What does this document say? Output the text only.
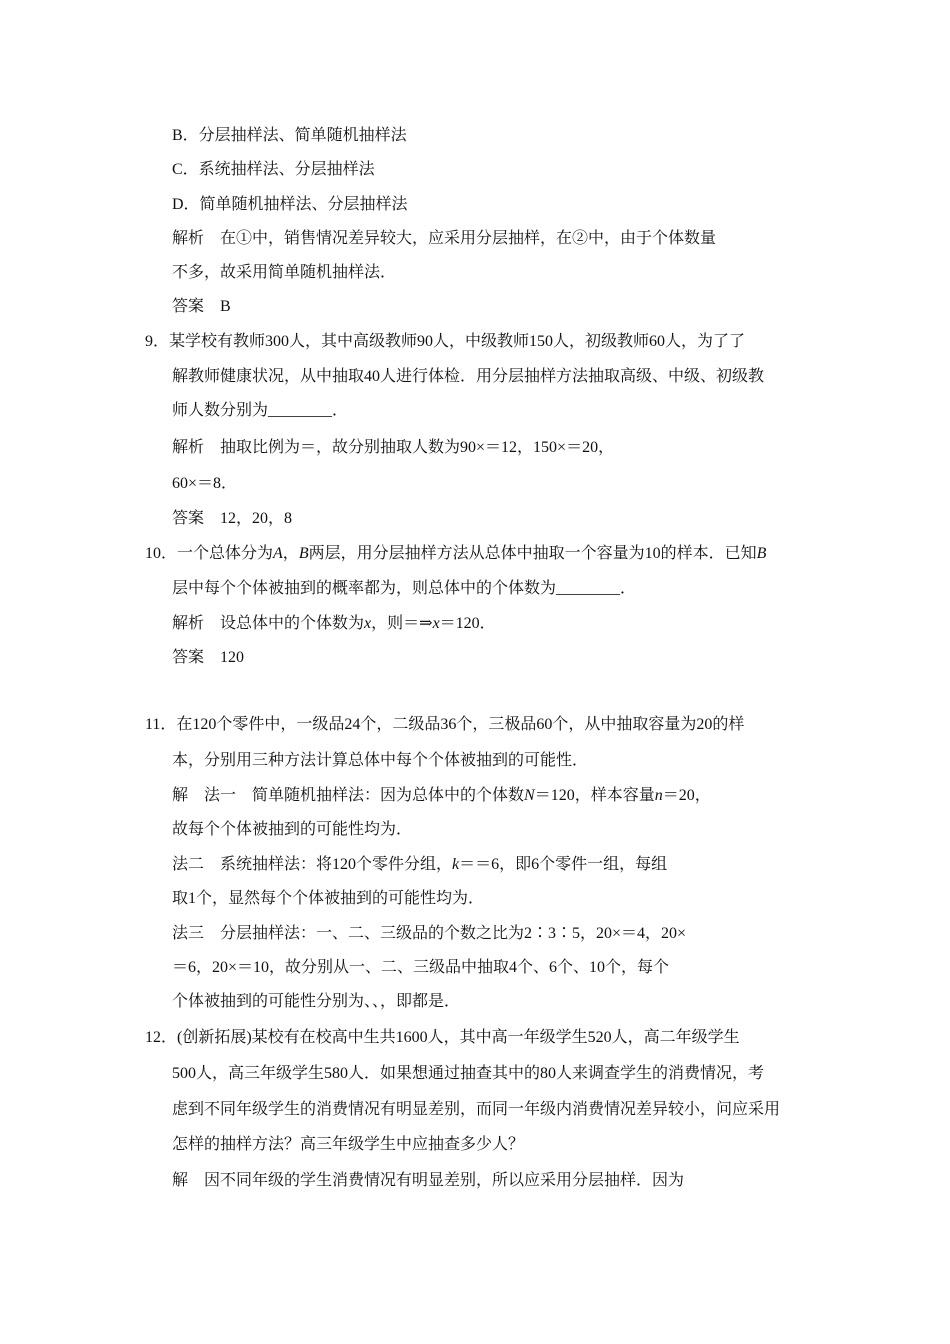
B．分层抽样法、简单随机抽样法
C．系统抽样法、分层抽样法
D．简单随机抽样法、分层抽样法
解析 在①中，销售情况差异较大，应采用分层抽样，在②中，由于个体数量
不多，故采用简单随机抽样法．
答案 B
9．某学校有教师300人，其中高级教师90人，中级教师150人，初级教师60人，为了了
解教师健康状况，从中抽取40人进行体检．用分层抽样方法抽取高级、中级、初级教
师人数分别为________．
解析 抽取比例为＝，故分别抽取人数为90×＝12，150×＝20，
60×＝8．
答案 12，20，8
10．一个总体分为A，B两层，用分层抽样方法从总体中抽取一个容量为10的样本．已知B
层中每个个体被抽到的概率都为，则总体中的个体数为________．
解析 设总体中的个体数为x，则＝⇒x＝120．
答案 120
11．在120个零件中，一级品24个，二级品36个，三极品60个，从中抽取容量为20的样
本，分别用三种方法计算总体中每个个体被抽到的可能性．
解 法一 简单随机抽样法：因为总体中的个体数N＝120，样本容量n＝20，
故每个个体被抽到的可能性均为．
法二 系统抽样法：将120个零件分组，k＝＝6，即6个零件一组，每组
取1个，显然每个个体被抽到的可能性均为．
法三 分层抽样法：一、二、三级品的个数之比为2∶3∶5，20×＝4，20×
＝6，20×＝10，故分别从一、二、三级品中抽取4个、6个、10个，每个
个体被抽到的可能性分别为、、，即都是．
12．(创新拓展)某校有在校高中生共1600人，其中高一年级学生520人，高二年级学生
500人，高三年级学生580人．如果想通过抽查其中的80人来调查学生的消费情况，考
虑到不同年级学生的消费情况有明显差别，而同一年级内消费情况差异较小，问应采用
怎样的抽样方法？高三年级学生中应抽查多少人？
解 因不同年级的学生消费情况有明显差别，所以应采用分层抽样．因为
